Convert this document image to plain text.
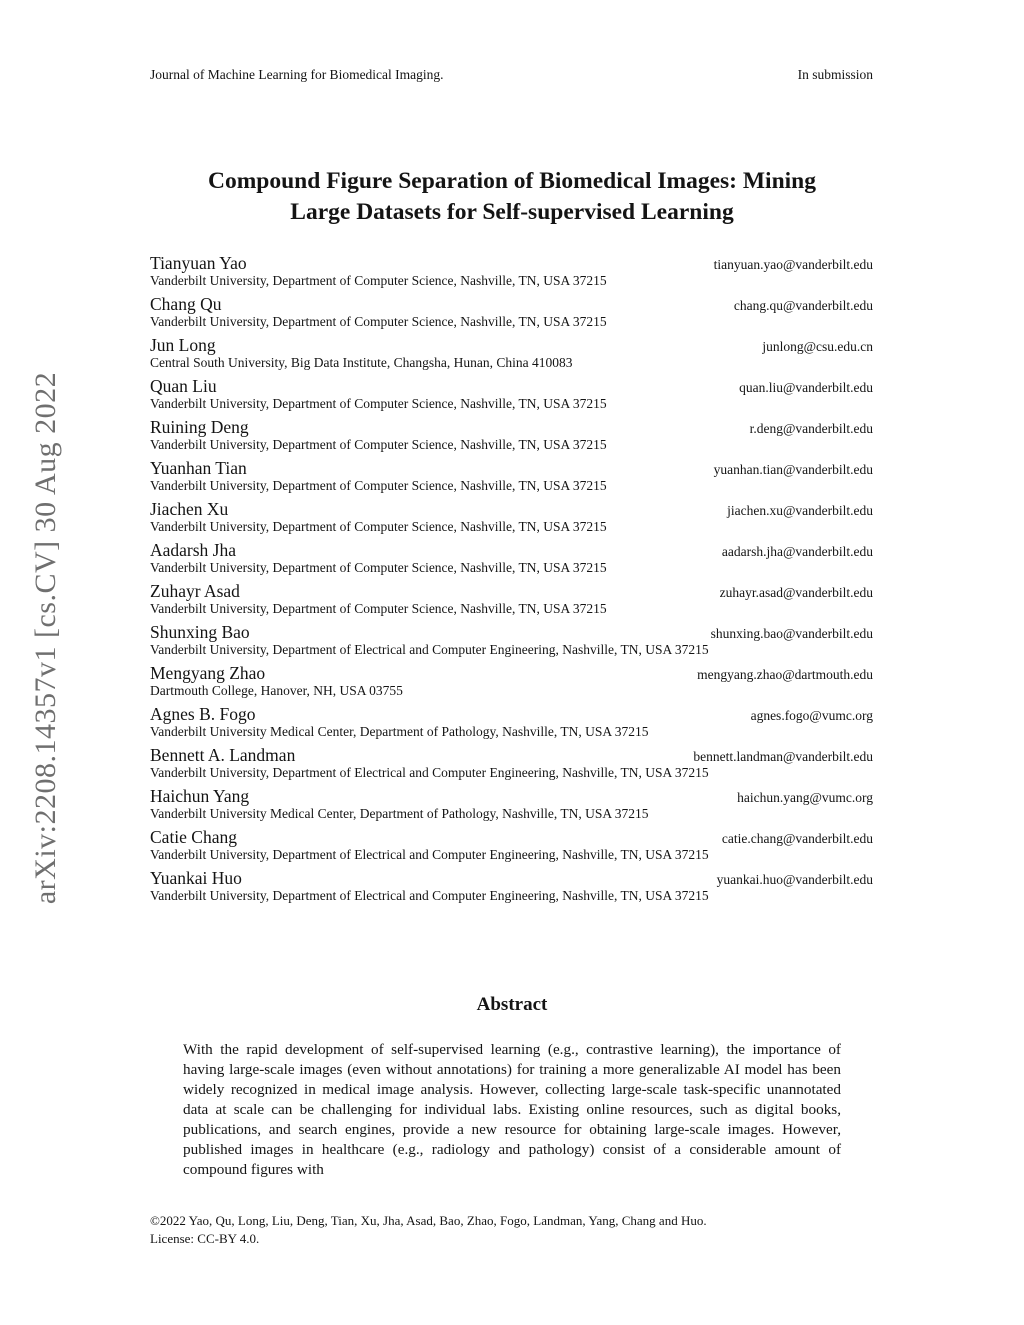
arXiv:2208.14357v1 [cs.CV] 30 Aug 2022
Journal of Machine Learning for Biomedical Imaging.	In submission
Compound Figure Separation of Biomedical Images: Mining
Large Datasets for Self-supervised Learning
Tianyuan Yao	tianyuan.yao@vanderbilt.edu
Vanderbilt University, Department of Computer Science, Nashville, TN, USA 37215
Chang Qu	chang.qu@vanderbilt.edu
Vanderbilt University, Department of Computer Science, Nashville, TN, USA 37215
Jun Long	junlong@csu.edu.cn
Central South University, Big Data Institute, Changsha, Hunan, China 410083
Quan Liu	quan.liu@vanderbilt.edu
Vanderbilt University, Department of Computer Science, Nashville, TN, USA 37215
Ruining Deng	r.deng@vanderbilt.edu
Vanderbilt University, Department of Computer Science, Nashville, TN, USA 37215
Yuanhan Tian	yuanhan.tian@vanderbilt.edu
Vanderbilt University, Department of Computer Science, Nashville, TN, USA 37215
Jiachen Xu	jiachen.xu@vanderbilt.edu
Vanderbilt University, Department of Computer Science, Nashville, TN, USA 37215
Aadarsh Jha	aadarsh.jha@vanderbilt.edu
Vanderbilt University, Department of Computer Science, Nashville, TN, USA 37215
Zuhayr Asad	zuhayr.asad@vanderbilt.edu
Vanderbilt University, Department of Computer Science, Nashville, TN, USA 37215
Shunxing Bao	shunxing.bao@vanderbilt.edu
Vanderbilt University, Department of Electrical and Computer Engineering, Nashville, TN, USA 37215
Mengyang Zhao	mengyang.zhao@dartmouth.edu
Dartmouth College, Hanover, NH, USA 03755
Agnes B. Fogo	agnes.fogo@vumc.org
Vanderbilt University Medical Center, Department of Pathology, Nashville, TN, USA 37215
Bennett A. Landman	bennett.landman@vanderbilt.edu
Vanderbilt University, Department of Electrical and Computer Engineering, Nashville, TN, USA 37215
Haichun Yang	haichun.yang@vumc.org
Vanderbilt University Medical Center, Department of Pathology, Nashville, TN, USA 37215
Catie Chang	catie.chang@vanderbilt.edu
Vanderbilt University, Department of Electrical and Computer Engineering, Nashville, TN, USA 37215
Yuankai Huo	yuankai.huo@vanderbilt.edu
Vanderbilt University, Department of Electrical and Computer Engineering, Nashville, TN, USA 37215
Abstract
With the rapid development of self-supervised learning (e.g., contrastive learning), the importance of having large-scale images (even without annotations) for training a more generalizable AI model has been widely recognized in medical image analysis. However, collecting large-scale task-specific unannotated data at scale can be challenging for individual labs. Existing online resources, such as digital books, publications, and search engines, provide a new resource for obtaining large-scale images. However, published images in healthcare (e.g., radiology and pathology) consist of a considerable amount of compound figures with
©2022 Yao, Qu, Long, Liu, Deng, Tian, Xu, Jha, Asad, Bao, Zhao, Fogo, Landman, Yang, Chang and Huo.
License: CC-BY 4.0.
